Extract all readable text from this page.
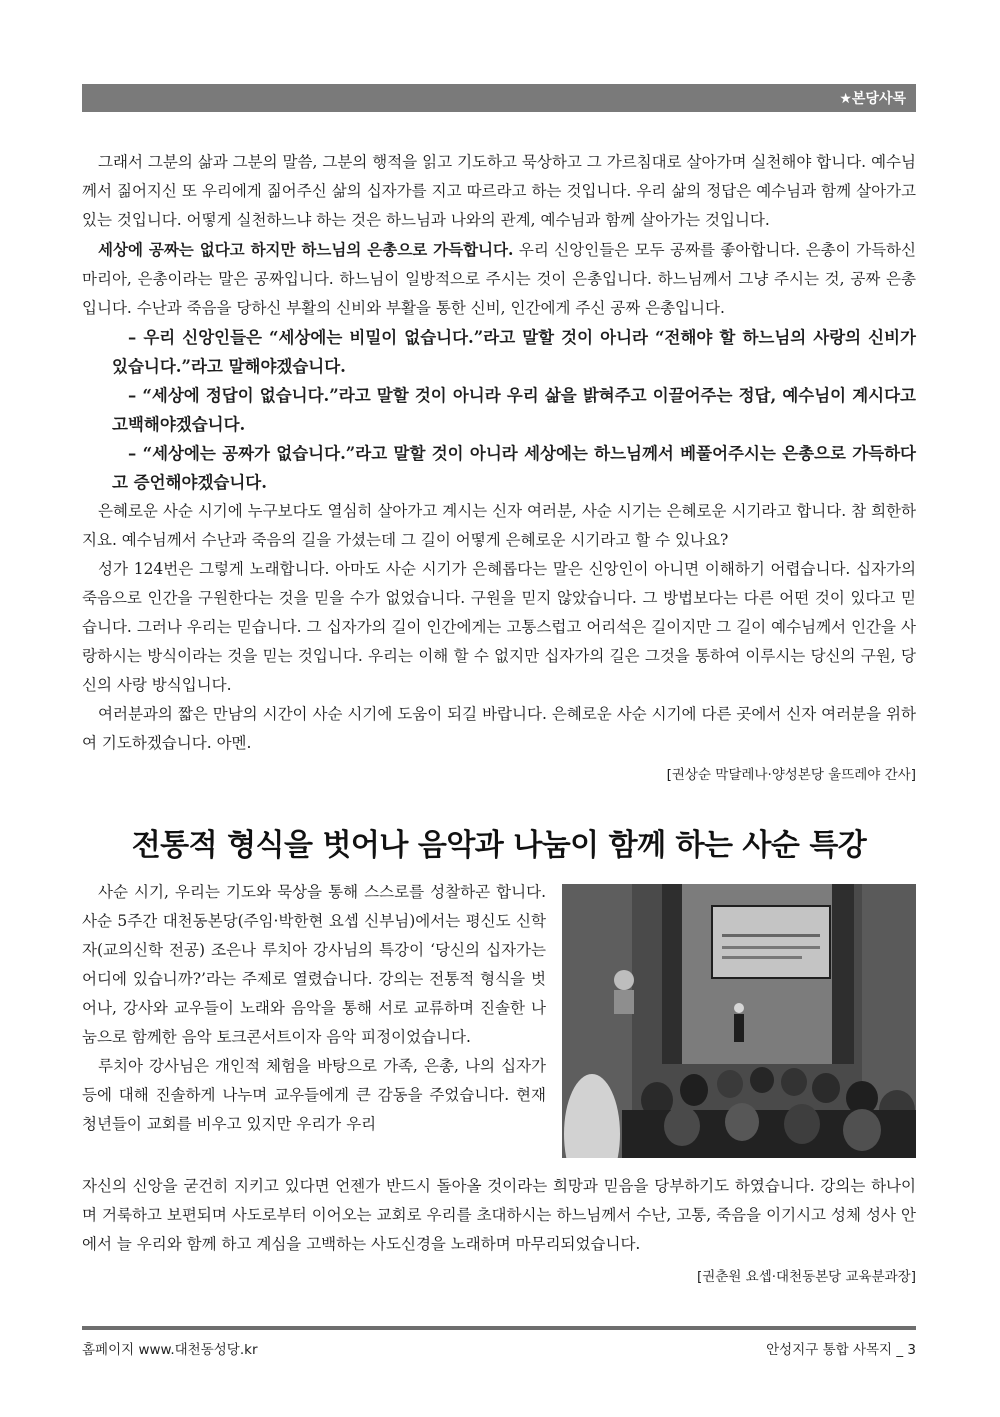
★본당사목

그래서 그분의 삶과 그분의 말씀, 그분의 행적을 읽고 기도하고 묵상하고 그 가르침대로 살아가며 실천해야 합니다. 예수님께서 짊어지신 또 우리에게 짊어주신 삶의 십자가를 지고 따르라고 하는 것입니다. 우리 삶의 정답은 예수님과 함께 살아가고 있는 것입니다. 어떻게 실천하느냐 하는 것은 하느님과 나와의 관계, 예수님과 함께 살아가는 것입니다.

세상에 공짜는 없다고 하지만 하느님의 은총으로 가득합니다. 우리 신앙인들은 모두 공짜를 좋아합니다. 은총이 가득하신 마리아, 은총이라는 말은 공짜입니다. 하느님이 일방적으로 주시는 것이 은총입니다. 하느님께서 그냥 주시는 것, 공짜 은총입니다. 수난과 죽음을 당하신 부활의 신비와 부활을 통한 신비, 인간에게 주신 공짜 은총입니다.

– 우리 신앙인들은 “세상에는 비밀이 없습니다.”라고 말할 것이 아니라 “전해야 할 하느님의 사랑의 신비가 있습니다.”라고 말해야겠습니다.

– “세상에 정답이 없습니다.”라고 말할 것이 아니라 우리 삶을 밝혀주고 이끌어주는 정답, 예수님이 계시다고 고백해야겠습니다.

– “세상에는 공짜가 없습니다.”라고 말할 것이 아니라 세상에는 하느님께서 베풀어주시는 은총으로 가득하다고 증언해야겠습니다.

은혜로운 사순 시기에 누구보다도 열심히 살아가고 계시는 신자 여러분, 사순 시기는 은혜로운 시기라고 합니다. 참 희한하지요. 예수님께서 수난과 죽음의 길을 가셨는데 그 길이 어떻게 은혜로운 시기라고 할 수 있나요?

성가 124번은 그렇게 노래합니다. 아마도 사순 시기가 은혜롭다는 말은 신앙인이 아니면 이해하기 어렵습니다. 십자가의 죽음으로 인간을 구원한다는 것을 믿을 수가 없었습니다. 구원을 믿지 않았습니다. 그 방법보다는 다른 어떤 것이 있다고 믿습니다. 그러나 우리는 믿습니다. 그 십자가의 길이 인간에게는 고통스럽고 어리석은 길이지만 그 길이 예수님께서 인간을 사랑하시는 방식이라는 것을 믿는 것입니다. 우리는 이해 할 수 없지만 십자가의 길은 그것을 통하여 이루시는 당신의 구원, 당신의 사랑 방식입니다.

여러분과의 짧은 만남의 시간이 사순 시기에 도움이 되길 바랍니다. 은혜로운 사순 시기에 다른 곳에서 신자 여러분을 위하여 기도하겠습니다. 아멘.

[권상순 막달레나·양성본당 울뜨레야 간사]

전통적 형식을 벗어나 음악과 나눔이 함께 하는 사순 특강

사순 시기, 우리는 기도와 묵상을 통해 스스로를 성찰하곤 합니다. 사순 5주간 대천동본당(주임·박한현 요셉 신부님)에서는 평신도 신학자(교의신학 전공) 조은나 루치아 강사님의 특강이 ‘당신의 십자가는 어디에 있습니까?’라는 주제로 열렸습니다. 강의는 전통적 형식을 벗어나, 강사와 교우들이 노래와 음악을 통해 서로 교류하며 진솔한 나눔으로 함께한 음악 토크콘서트이자 음악 피정이었습니다.

루치아 강사님은 개인적 체험을 바탕으로 가족, 은총, 나의 십자가 등에 대해 진솔하게 나누며 교우들에게 큰 감동을 주었습니다. 현재 청년들이 교회를 비우고 있지만 우리가 우리

자신의 신앙을 굳건히 지키고 있다면 언젠가 반드시 돌아올 것이라는 희망과 믿음을 당부하기도 하였습니다. 강의는 하나이며 거룩하고 보편되며 사도로부터 이어오는 교회로 우리를 초대하시는 하느님께서 수난, 고통, 죽음을 이기시고 성체 성사 안에서 늘 우리와 함께 하고 계심을 고백하는 사도신경을 노래하며 마무리되었습니다.

[권춘원 요셉·대천동본당 교육분과장]

홈페이지 www.대천동성당.kr	안성지구 통합 사목지 _ 3
